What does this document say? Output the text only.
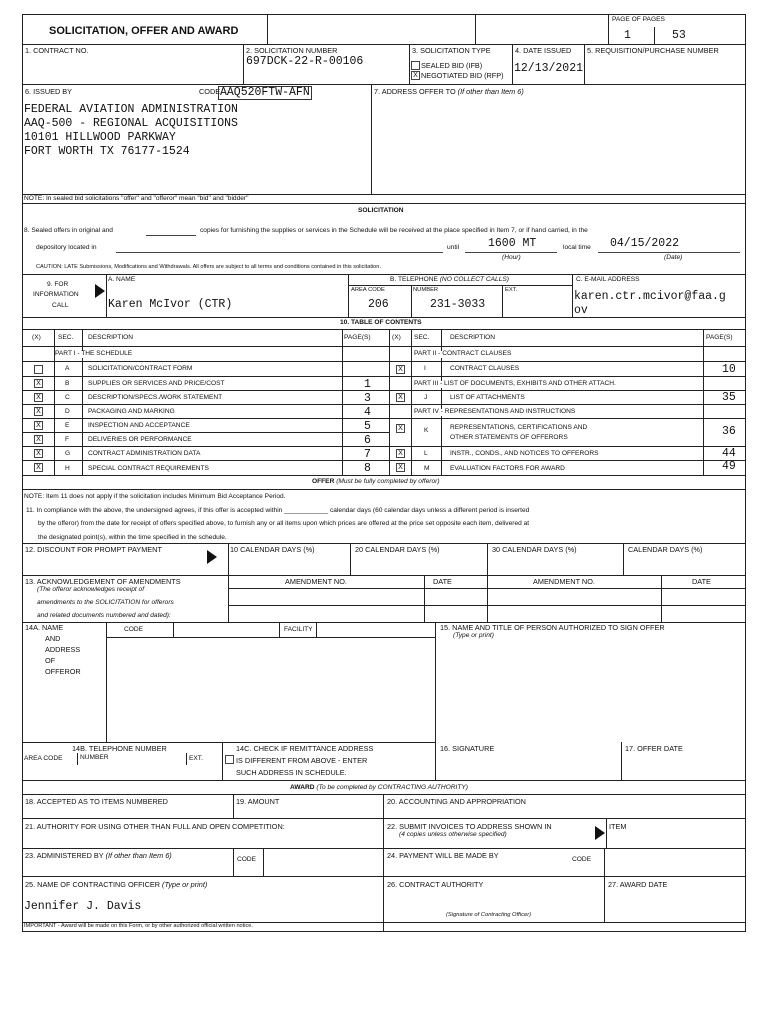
SOLICITATION, OFFER AND AWARD
PAGE OF PAGES
1	53
1. CONTRACT NO.	2. SOLICITATION NUMBER
697DCK-22-R-00106
3. SOLICITATION TYPE
SEALED BID (IFB)
X NEGOTIATED BID (RFP)
4. DATE ISSUED
12/13/2021
5. REQUISITION/PURCHASE NUMBER
6. ISSUED BY	CODE AAQ520FTW-AFN	7. ADDRESS OFFER TO (If other than Item 6)
FEDERAL AVIATION ADMINISTRATION
AAQ-500 - REGIONAL ACQUISITIONS
10101 HILLWOOD PARKWAY
FORT WORTH TX 76177-1524
NOTE: In sealed bid solicitations "offer" and "offeror" mean "bid" and "bidder"
SOLICITATION
8. Sealed offers in original and	copies for furnishing the supplies or services in the Schedule will be received at the place specified in Item 7, or if hand carried, in the
depository located in	until	1600 MT	local time 04/15/2022
(Hour)	(Date)
CAUTION: LATE Submissions, Modifications and Withdrawals. All offers are subject to all terms and conditions contained in this solicitation.
9. FOR
INFORMATION
CALL
A. NAME
Karen McIvor (CTR)
B. TELEPHONE (NO COLLECT CALLS)
AREA CODE	NUMBER	EXT.
206	231-3033
C. E-MAIL ADDRESS
karen.ctr.mcivor@faa.g
ov
10. TABLE OF CONTENTS
(X)	SEC. DESCRIPTION	PAGE(S)	(X) SEC.	DESCRIPTION	PAGE(S)
PART I - THE SCHEDULE	PART II - CONTRACT CLAUSES
A	SOLICITATION/CONTRACT FORM
X	B	SUPPLIES OR SERVICES AND PRICE/COST	1
X	C	DESCRIPTION/SPECS./WORK STATEMENT	3
X	D	PACKAGING AND MARKING	4
X	E	INSPECTION AND ACCEPTANCE	5
X	F	DELIVERIES OR PERFORMANCE	6
X	G	CONTRACT ADMINISTRATION DATA	7
X	H	SPECIAL CONTRACT REQUIREMENTS	8
X	I	CONTRACT CLAUSES	10
PART III - LIST OF DOCUMENTS, EXHIBITS AND OTHER ATTACH.
X	J	LIST OF ATTACHMENTS	35
PART IV - REPRESENTATIONS AND INSTRUCTIONS
X	K	REPRESENTATIONS, CERTIFICATIONS AND
OTHER STATEMENTS OF OFFERORS	36
X	L	INSTR., CONDS., AND NOTICES TO OFFERORS	44
X	M	EVALUATION FACTORS FOR AWARD	49
OFFER (Must be fully completed by offeror)
NOTE: Item 11 does not apply if the solicitation includes Minimum Bid Acceptance Period.
11. In compliance with the above, the undersigned agrees, if this offer is accepted within ____________ calendar days (60 calendar days unless a different period is inserted
by the offeror) from the date for receipt of offers specified above, to furnish any or all items upon which prices are offered at the price set opposite each item, delivered at
the designated point(s), within the time specified in the schedule.
12. DISCOUNT FOR PROMPT PAYMENT	10 CALENDAR DAYS (%)	20 CALENDAR DAYS (%)	30 CALENDAR DAYS (%)	CALENDAR DAYS (%)
13. ACKNOWLEDGEMENT OF AMENDMENTS
(The offeror acknowledges receipt of
amendments to the SOLICITATION for offerors
and related documents numbered and dated):
AMENDMENT NO.	DATE	AMENDMENT NO.	DATE
14A. NAME
AND
ADDRESS
OF
OFFEROR
CODE	FACILITY	15. NAME AND TITLE OF PERSON AUTHORIZED TO SIGN OFFER
(Type or print)
14B. TELEPHONE NUMBER
AREA CODE	NUMBER	EXT.
14C. CHECK IF REMITTANCE ADDRESS
IS DIFFERENT FROM ABOVE - ENTER
SUCH ADDRESS IN SCHEDULE.
16. SIGNATURE	17. OFFER DATE
AWARD (To be completed by CONTRACTING AUTHORITY)
18. ACCEPTED AS TO ITEMS NUMBERED	19. AMOUNT	20. ACCOUNTING AND APPROPRIATION
21. AUTHORITY FOR USING OTHER THAN FULL AND OPEN COMPETITION:	22. SUBMIT INVOICES TO ADDRESS SHOWN IN
(4 copies unless otherwise specified)
ITEM
23. ADMINISTERED BY (If other than Item 6)	CODE	24. PAYMENT WILL BE MADE BY	CODE
25. NAME OF CONTRACTING OFFICER (Type or print)
Jennifer J. Davis
26. CONTRACT AUTHORITY	27. AWARD DATE
(Signature of Contracting Officer)
IMPORTANT - Award will be made on this Form, or by other authorized official written notice.
